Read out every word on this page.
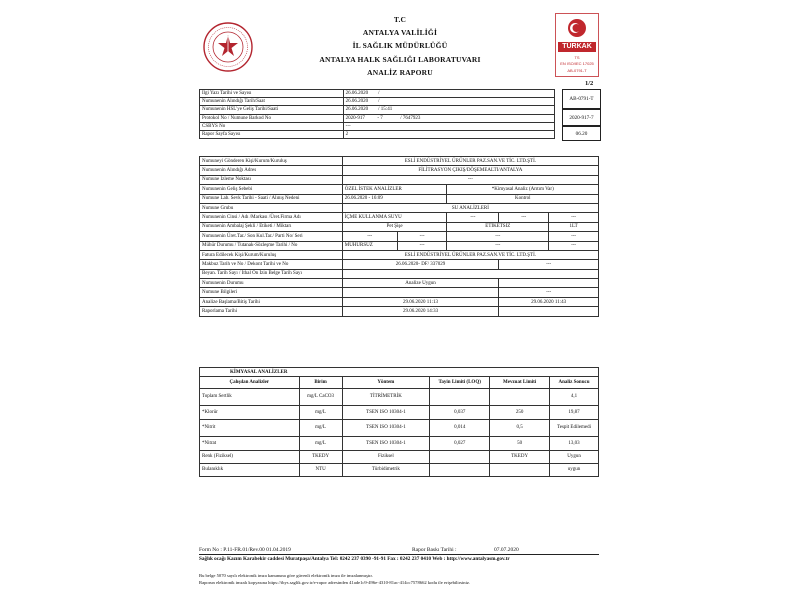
T.C
ANTALYA VALİLİĞİ
İL SAĞLIK MÜDÜRLÜĞÜ
ANTALYA HALK SAĞLIĞI LABORATUVARI
ANALİZ RAPORU
TÜRKAK
TS
EN ISO/IEC 17025
AB-0791-T
1/2
AB-0791-T
2020-917-7
06.20
İlgi Yazı Tarihi ve Sayısı	26.06.2020 /
Numunenin Alındığı Tarih/Saat	26.06.2020 /
Numunenin HSL'ye Geliş Tarihi/Saati	26.06.2020 / 15:41
Protokol No / Numune Barkod No	2020-917 - 7 / 7647923
CSBYS No	---
Rapor Sayfa Sayısı	2
Numuneyi Gönderen Kişi/Kurum/Kuruluş	ESLİ ENDÜSTRİYEL ÜRÜNLER PAZ.SAN.VE TİC. LTD.ŞTİ.				
Numunenin Alındığı Adres	FİLİTRASYON ÇIKIŞ/DÖŞEMEALTI/ANTALYA				
Numune İzleme Noktası	---				
Numunenin Geliş Sebebi	ÖZEL İSTEK ANALİZLER		*Kimyasal Analiz (Arıtım Var)		
Numune Lab. Sevk Tarihi - Saati / Alınış Nedeni	26.06.2020 - 16:09		Kontrol		
Numune Grubu	SU ANALİZLERİ				
Numunenin Cinsi / Adı /Markası /Üret.Firma Adı	İÇME KULLANMA SUYU		---	---	---
Numunenin Ambalaj Şekli / Etiketi / Miktarı	Pet Şişe		ETİKETSİZ		1LT
Numunenin Üret.Tar./ Son Kul.Tar./ Parti No/ Seri	---	---	---		---
Mühür Durumu / Tutanak-Sözleşme Tarihi / No	MÜHÜRSÜZ	---	---		---
Fatura Edilecek Kişi/Kurum/Kuruluş	ESLİ ENDÜSTRİYEL ÜRÜNLER PAZ.SAN.VE TİC. LTD.ŞTİ.				
Makbuz Tarih ve No / Dekont Tarihi ve No	26.06.2020- DF/ 337029			---	
Beyan. Tarih Sayı / İthal Ön İzin Belge Tarih Sayı					
Numunenin Durumu	Analize Uygun				
Numune Bilgileri				---	
Analize Başlama/Bitiş Tarihi	29.06.2020 11:13			29.06.2020 11:43	
Raporlama Tarihi	29.06.2020 14:33				
KİMYASAL ANALİZLER					
Çalışılan Analizler	Birim	Yöntem	Tayin Limiti (LOQ)	Mevzuat Limiti	Analiz Sonucu
Toplam Sertlik	mg/L CaCO3	TİTRİMETRİK			4,1
*Klorür	mg/L	TSEN ISO 10304-1	0,037	250	19,87
*Nitrit	mg/L	TSEN ISO 10304-1	0,014	0,5	Tespit Edilemedi
*Nitrat	mg/L	TSEN ISO 10304-1	0,027	50	13,03
Renk (Fiziksel)	TKEDY	Fiziksel		TKEDY	Uygun
Bulanıklık	NTU	Türbidimetrik			uygun
Form No : P.11-FR.01/Rev.00 01.04.2019	Rapor Baskı Tarihi :	07.07.2020
Sağlık ocağı Kazım Karabekir caddesi Muratpaşa/Antalya Tel: 0242 237 0390 -91-91 Fax : 0242 237 0410 Web : http://www.antalyasm.gov.tr
Bu belge 5070 sayılı elektronik imza kanununa göre güvenli elektronik imza ile imzalanmıştır.
Raporun elektronik imzalı kopyasına https://ibys.saglik.gov.tr/e-rapor adresinden 41ade1c9-496e-4310-81ac-414cc7578662 kodu ile erişebilirsiniz.
